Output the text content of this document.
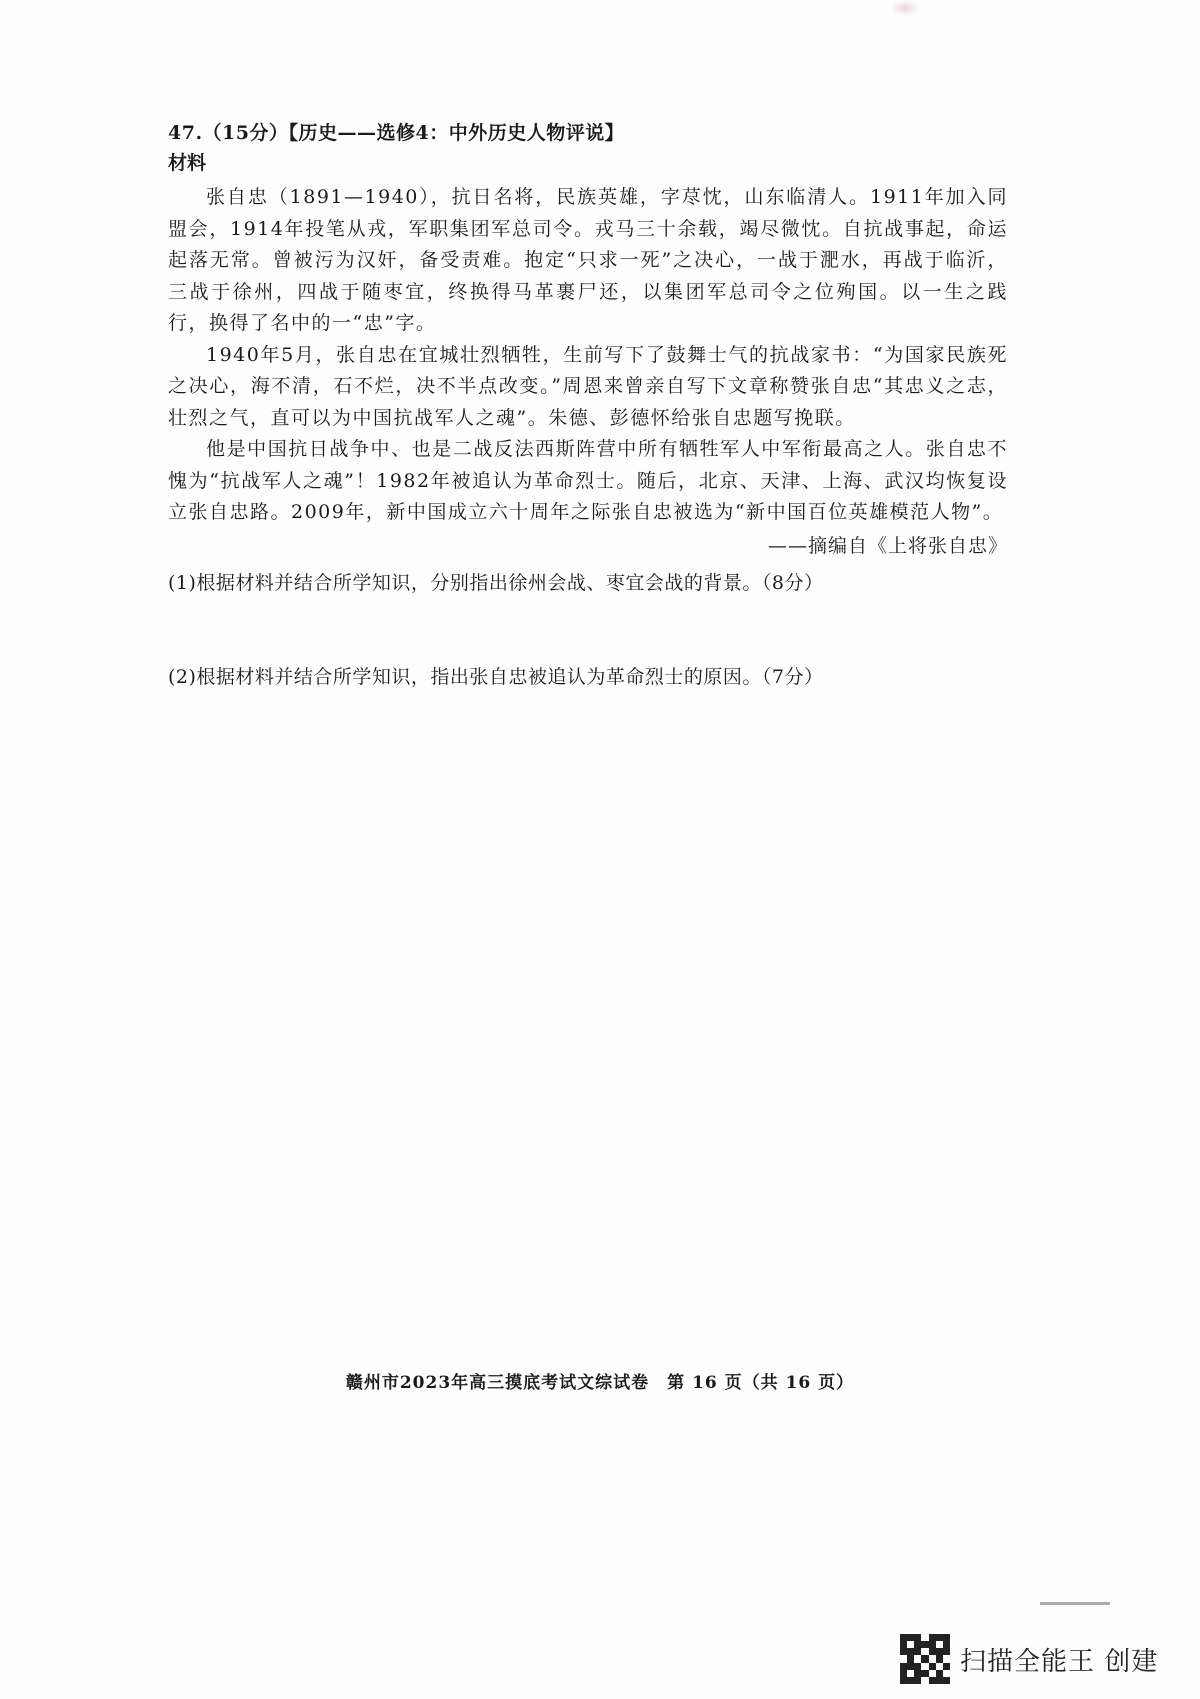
47.（15分）【历史——选修4：中外历史人物评说】

材料

张自忠（1891—1940），抗日名将，民族英雄，字荩忱，山东临清人。1911年加入同盟会，1914年投笔从戎，军职集团军总司令。戎马三十余载，竭尽微忱。自抗战事起，命运起落无常。曾被污为汉奸，备受责难。抱定“只求一死”之决心，一战于淝水，再战于临沂，三战于徐州，四战于随枣宜，终换得马革裹尸还，以集团军总司令之位殉国。以一生之践行，换得了名中的一“忠”字。

1940年5月，张自忠在宜城壮烈牺牲，生前写下了鼓舞士气的抗战家书：“为国家民族死之决心，海不清，石不烂，决不半点改变。”周恩来曾亲自写下文章称赞张自忠“其忠义之志，壮烈之气，直可以为中国抗战军人之魂”。朱德、彭德怀给张自忠题写挽联。

他是中国抗日战争中、也是二战反法西斯阵营中所有牺牲军人中军衔最高之人。张自忠不愧为“抗战军人之魂”！1982年被追认为革命烈士。随后，北京、天津、上海、武汉均恢复设立张自忠路。2009年，新中国成立六十周年之际张自忠被选为“新中国百位英雄模范人物”。

——摘编自《上将张自忠》

(1)根据材料并结合所学知识，分别指出徐州会战、枣宜会战的背景。（8分）

(2)根据材料并结合所学知识，指出张自忠被追认为革命烈士的原因。（7分）

赣州市2023年高三摸底考试文综试卷　第 16 页（共 16 页）
扫描全能王 创建
